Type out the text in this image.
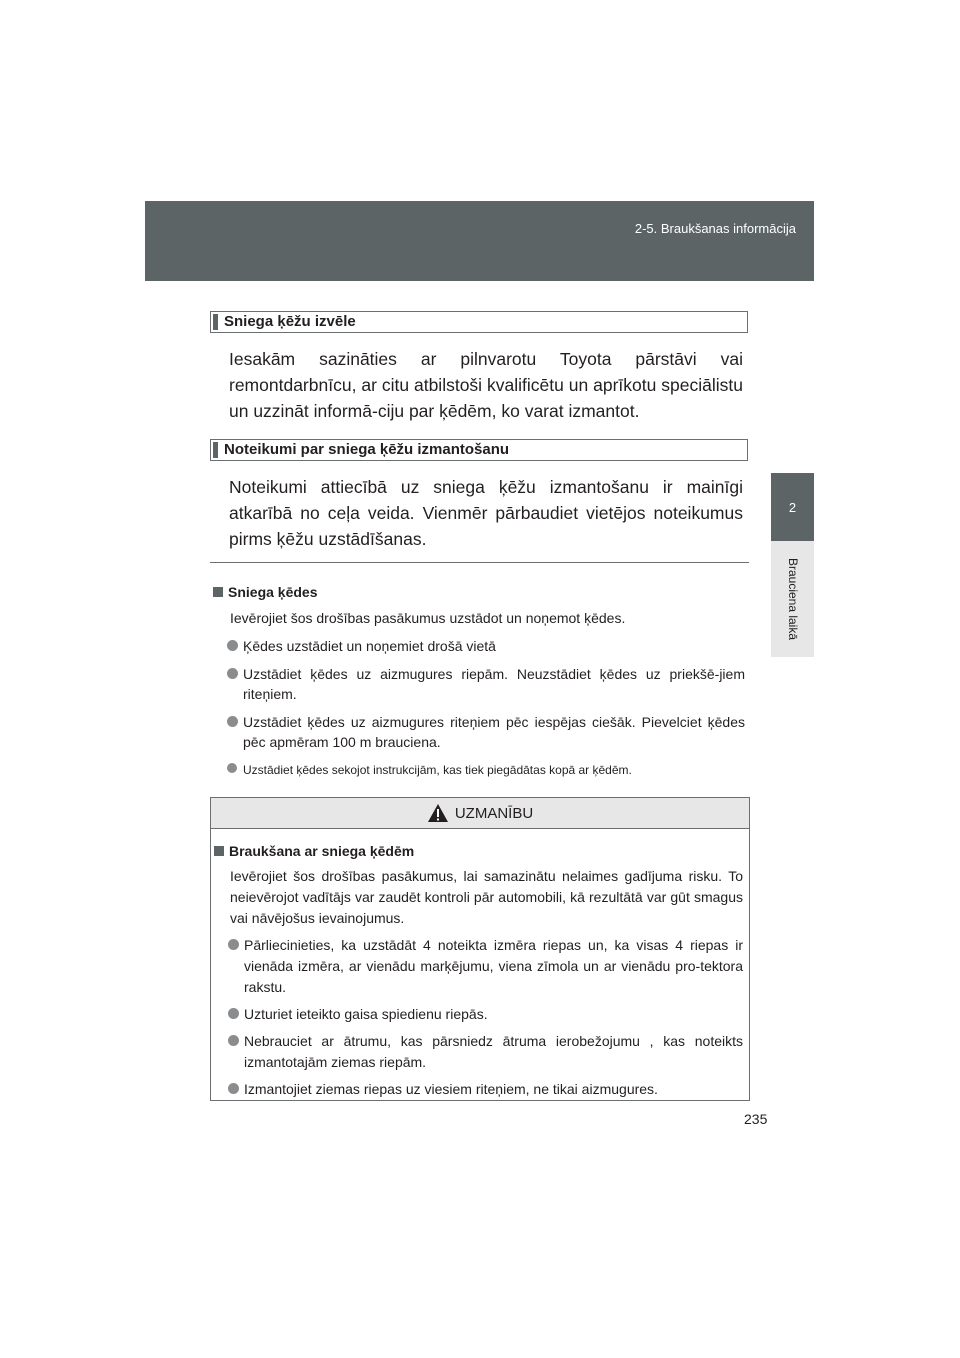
2-5. Braukšanas informācija
2
Brauciena laikā
Sniega ķēžu izvēle
Iesakām sazināties ar pilnvarotu Toyota pārstāvi vai remontdarbnīcu, ar citu atbilstoši kvalificētu un aprīkotu speciālistu un uzzināt informā-ciju par ķēdēm, ko varat izmantot.
Noteikumi par sniega ķēžu izmantošanu
Noteikumi attiecībā uz sniega ķēžu izmantošanu ir mainīgi atkarībā no ceļa veida. Vienmēr pārbaudiet vietējos noteikumus pirms ķēžu uzstādīšanas.
Sniega ķēdes
Ievērojiet šos drošības pasākumus uzstādot un noņemot ķēdes.
Ķēdes uzstādiet un noņemiet drošā vietā
Uzstādiet ķēdes uz aizmugures riepām. Neuzstādiet ķēdes uz priekšē-jiem riteņiem.
Uzstādiet ķēdes uz aizmugures riteņiem pēc iespējas ciešāk. Pievelciet ķēdes pēc apmēram 100 m brauciena.
Uzstādiet ķēdes sekojot instrukcijām, kas tiek piegādātas kopā ar ķēdēm.
UZMANĪBU
Braukšana ar sniega ķēdēm

Ievērojiet šos drošības pasākumus, lai samazinātu nelaimes gadījuma risku. To neievērojot vadītājs var zaudēt kontroli pār automobili, kā rezultātā var gūt smagus vai nāvējošus ievainojumus.

Pārliecinieties, ka uzstādāt 4 noteikta izmēra riepas un, ka visas 4 riepas ir vienāda izmēra, ar vienādu marķējumu, viena zīmola un ar vienādu pro-tektora rakstu.
Uzturiet ieteikto gaisa spiedienu riepās.
Nebrauciet ar ātrumu, kas pārsniedz ātruma ierobežojumu , kas noteikts izmantotajām ziemas riepām.
Izmantojiet ziemas riepas uz viesiem riteņiem, ne tikai aizmugures.
235
